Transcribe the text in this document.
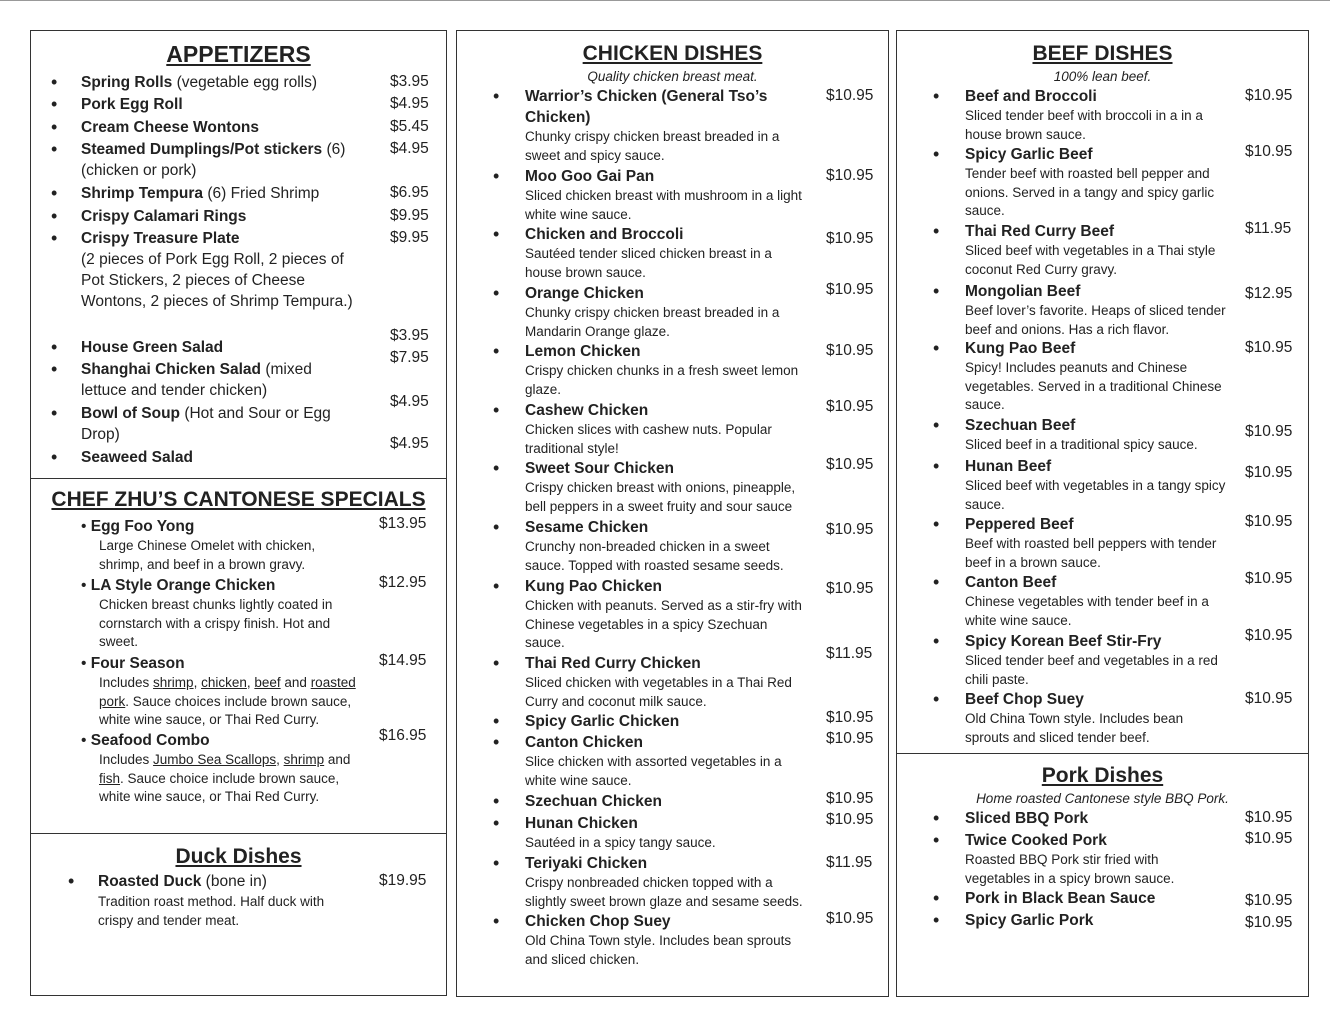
APPETIZERS
• Spring Rolls (vegetable egg rolls)	$3.95
• Pork Egg Roll	$4.95
• Cream Cheese Wontons	$5.45
• Steamed Dumplings/Pot stickers (6) (chicken or pork)
$4.95
• Shrimp Tempura (6) Fried Shrimp	$6.95
• Crispy Calamari Rings	$9.95
• Crispy Treasure Plate
(2 pieces of Pork Egg Roll, 2 pieces of Pot Stickers, 2 pieces of Cheese Wontons, 2 pieces of Shrimp Tempura.)
$9.95
• House Green Salad
$3.95
• Shanghai Chicken Salad (mixed lettuce and tender chicken)
$7.95
• Bowl of Soup (Hot and Sour or Egg Drop)
$4.95
• Seaweed Salad
$4.95
CHEF ZHU’S CANTONESE SPECIALS
• Egg Foo Yong	$13.95
Large Chinese Omelet with chicken, shrimp, and beef in a brown gravy.
• LA Style Orange Chicken	$12.95
Chicken breast chunks lightly coated in cornstarch with a crispy finish. Hot and sweet.
• Four Season	$14.95
Includes shrimp, chicken, beef and roasted pork. Sauce choices include brown sauce, white wine sauce, or Thai Red Curry.
• Seafood Combo	$16.95
Includes Jumbo Sea Scallops, shrimp and fish. Sauce choice include brown sauce, white wine sauce, or Thai Red Curry.
Duck Dishes
• Roasted Duck (bone in)	$19.95
Tradition roast method. Half duck with crispy and tender meat.
CHICKEN DISHES
Quality chicken breast meat.
• Warrior’s Chicken (General Tso’s Chicken)
$10.95
Chunky crispy chicken breast breaded in a sweet and spicy sauce.
• Moo Goo Gai Pan	$10.95
Sliced chicken breast with mushroom in a light white wine sauce.
• Chicken and Broccoli	$10.95
Sautéed tender sliced chicken breast in a house brown sauce.
• Orange Chicken	$10.95
Chunky crispy chicken breast breaded in a Mandarin Orange glaze.
• Lemon Chicken	$10.95
Crispy chicken chunks in a fresh sweet lemon glaze.
• Cashew Chicken	$10.95
Chicken slices with cashew nuts. Popular traditional style!
• Sweet Sour Chicken	$10.95
Crispy chicken breast with onions, pineapple, bell peppers in a sweet fruity and sour sauce
• Sesame Chicken	$10.95
Crunchy non-breaded chicken in a sweet sauce. Topped with roasted sesame seeds.
• Kung Pao Chicken	$10.95
Chicken with peanuts. Served as a stir-fry with Chinese vegetables in a spicy Szechuan sauce.
• Thai Red Curry Chicken
$11.95
Sliced chicken with vegetables in a Thai Red Curry and coconut milk sauce.
• Spicy Garlic Chicken	$10.95
• Canton Chicken	$10.95
Slice chicken with assorted vegetables in a white wine sauce.
• Szechuan Chicken	$10.95
• Hunan Chicken	$10.95
Sautéed in a spicy tangy sauce.
• Teriyaki Chicken	$11.95
Crispy nonbreaded chicken topped with a slightly sweet brown glaze and sesame seeds.
• Chicken Chop Suey	$10.95
Old China Town style. Includes bean sprouts and sliced chicken.
BEEF DISHES
100% lean beef.
• Beef and Broccoli	$10.95
Sliced tender beef with broccoli in a in a house brown sauce.
• Spicy Garlic Beef	$10.95
Tender beef with roasted bell pepper and onions. Served in a tangy and spicy garlic sauce.
• Thai Red Curry Beef	$11.95
Sliced beef with vegetables in a Thai style coconut Red Curry gravy.
• Mongolian Beef	$12.95
Beef lover’s favorite. Heaps of sliced tender beef and onions. Has a rich flavor.
• Kung Pao Beef	$10.95
Spicy! Includes peanuts and Chinese vegetables. Served in a traditional Chinese sauce.
• Szechuan Beef	$10.95
Sliced beef in a traditional spicy sauce.
• Hunan Beef	$10.95
Sliced beef with vegetables in a tangy spicy sauce.
• Peppered Beef	$10.95
Beef with roasted bell peppers with tender beef in a brown sauce.
• Canton Beef	$10.95
Chinese vegetables with tender beef in a white wine sauce.
• Spicy Korean Beef Stir-Fry	$10.95
Sliced tender beef and vegetables in a red chili paste.
• Beef Chop Suey	$10.95
Old China Town style. Includes bean sprouts and sliced tender beef.
Pork Dishes
Home roasted Cantonese style BBQ Pork.
• Sliced BBQ Pork	$10.95
• Twice Cooked Pork	$10.95
Roasted BBQ Pork stir fried with vegetables in a spicy brown sauce.
• Pork in Black Bean Sauce	$10.95
• Spicy Garlic Pork	$10.95
